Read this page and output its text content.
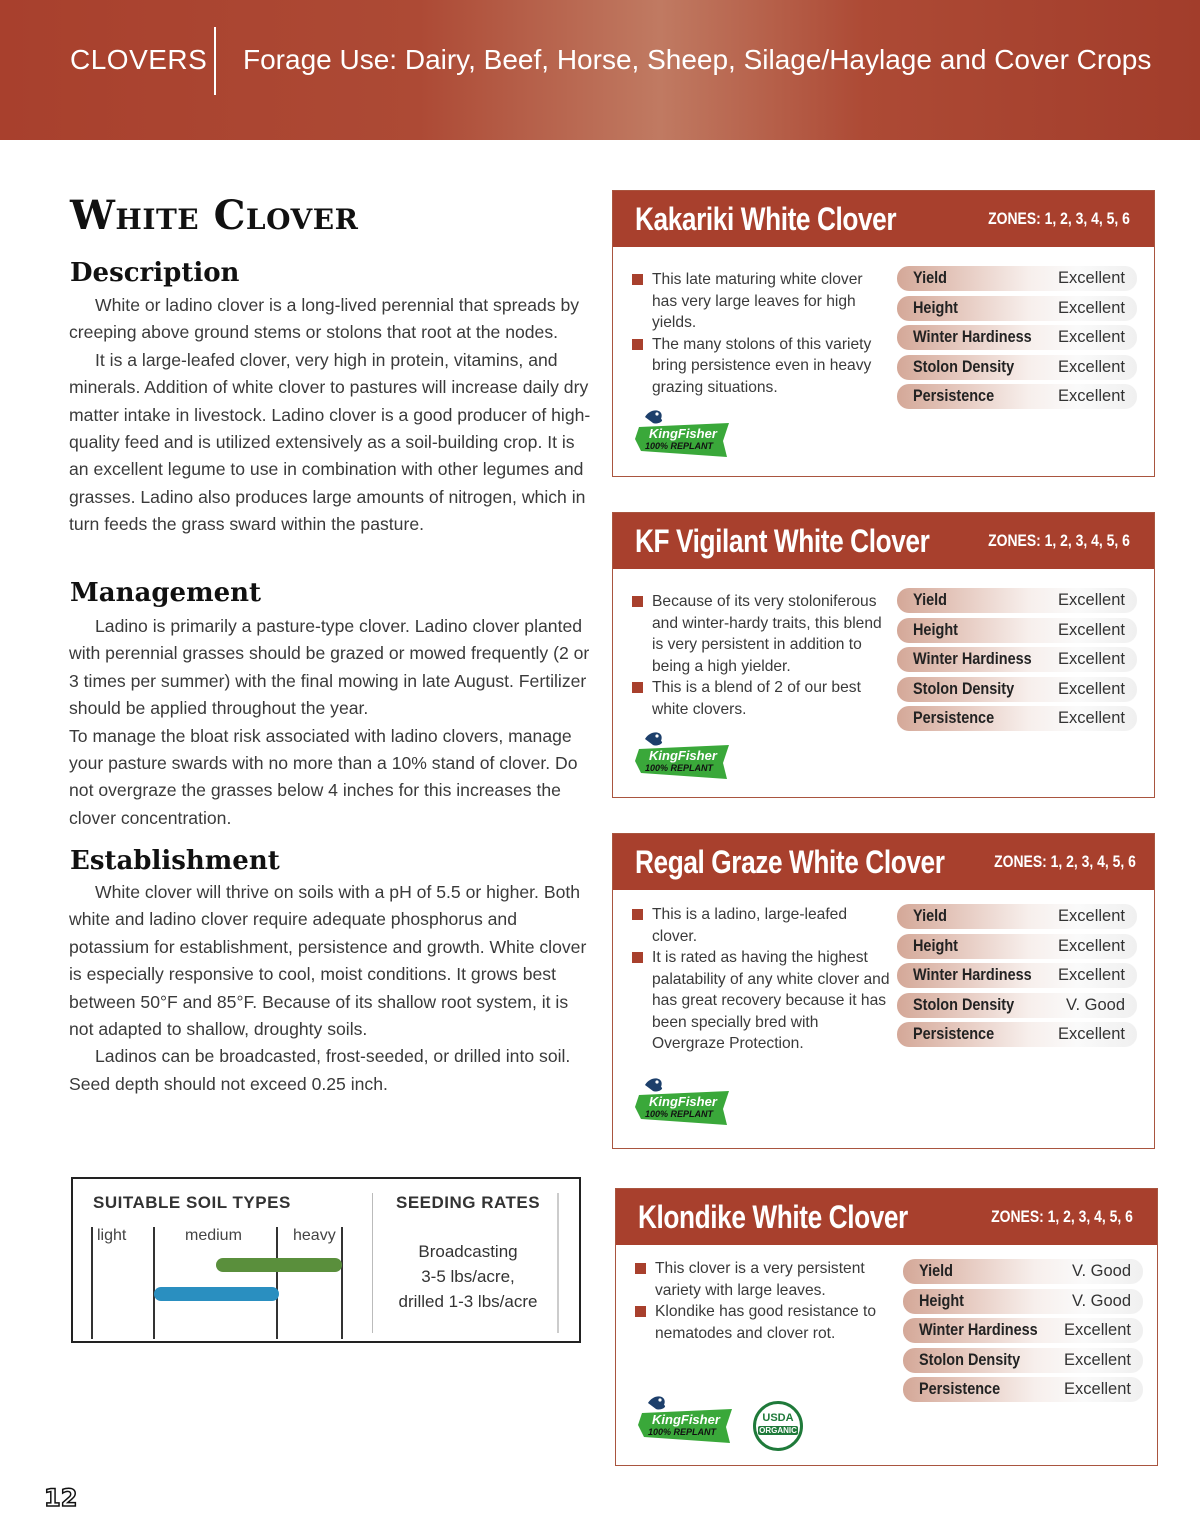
CLOVERS Forage Use: Dairy, Beef, Horse, Sheep, Silage/Haylage and Cover Crops
White Clover
Description

White or ladino clover is a long-lived perennial that spreads by creeping above ground stems or stolons that root at the nodes.

It is a large-leafed clover, very high in protein, vitamins, and minerals. Addition of white clover to pastures will increase daily dry matter intake in livestock. Ladino clover is a good producer of high-quality feed and is utilized extensively as a soil-building crop. It is an excellent legume to use in combination with other legumes and grasses. Ladino also produces large amounts of nitrogen, which in turn feeds the grass sward within the pasture.

Management

Ladino is primarily a pasture-type clover. Ladino clover planted with perennial grasses should be grazed or mowed frequently (2 or 3 times per summer) with the final mowing in late August. Fertilizer should be applied throughout the year.

To manage the bloat risk associated with ladino clovers, manage your pasture swards with no more than a 10% stand of clover. Do not overgraze the grasses below 4 inches for this increases the clover concentration.

Establishment

White clover will thrive on soils with a pH of 5.5 or higher. Both white and ladino clover require adequate phosphorus and potassium for establishment, persistence and growth. White clover is especially responsive to cool, moist conditions. It grows best between 50°F and 85°F. Because of its shallow root system, it is not adapted to shallow, droughty soils.

Ladinos can be broadcasted, frost-seeded, or drilled into soil. Seed depth should not exceed 0.25 inch.

SUITABLE SOIL TYPES
light	medium	heavy
SEEDING RATES
Broadcasting
3-5 lbs/acre,
drilled 1-3 lbs/acre
Kakariki White Clover	ZONES: 1, 2, 3, 4, 5, 6
This late maturing white clover has very large leaves for high yields.
The many stolons of this variety bring persistence even in heavy grazing situations.
Yield	Excellent
Height	Excellent
Winter Hardiness Excellent
Stolon Density	Excellent
Persistence	Excellent
KingFisher
100% REPLANT
KF Vigilant White Clover	ZONES: 1, 2, 3, 4, 5, 6
Because of its very stoloniferous and winter-hardy traits, this blend is very persistent in addition to being a high yielder.
This is a blend of 2 of our best white clovers.
Yield	Excellent
Height	Excellent
Winter Hardiness Excellent
Stolon Density	Excellent
Persistence	Excellent
KingFisher
100% REPLANT
Regal Graze White Clover	ZONES: 1, 2, 3, 4, 5, 6
This is a ladino, large-leafed clover.
It is rated as having the highest palatability of any white clover and has great recovery because it has been specially bred with Overgraze Protection.
Yield	Excellent
Height	Excellent
Winter Hardiness Excellent
Stolon Density	V. Good
Persistence	Excellent
KingFisher
100% REPLANT
Klondike White Clover	ZONES: 1, 2, 3, 4, 5, 6
This clover is a very persistent variety with large leaves.
Klondike has good resistance to nematodes and clover rot.
Yield	V. Good
Height	V. Good
Winter Hardiness Excellent
Stolon Density	Excellent
Persistence	Excellent
KingFisher
100% REPLANT
USDA
ORGANIC
12
